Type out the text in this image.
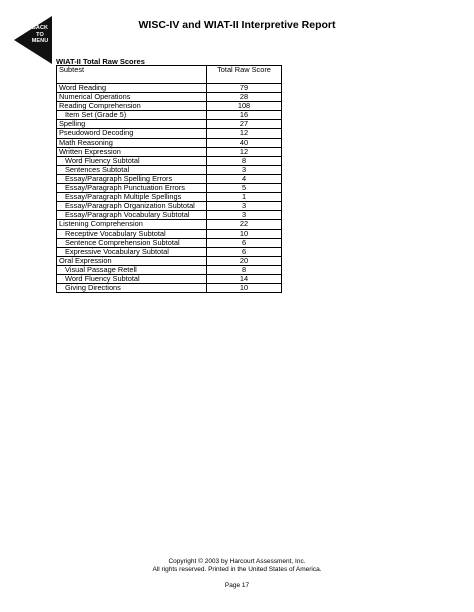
BACK
TO
MENU
WISC-IV and WIAT-II Interpretive Report
WIAT-II Total Raw Scores
Subtest	Total Raw Score
Word Reading	79
Numerical Operations	28
Reading Comprehension	108
Item Set (Grade 5)	16
Spelling	27
Pseudoword Decoding	12
Math Reasoning	40
Written Expression	12
Word Fluency Subtotal	8
Sentences Subtotal	3
Essay/Paragraph Spelling Errors	4
Essay/Paragraph Punctuation Errors	5
Essay/Paragraph Multiple Spellings	1
Essay/Paragraph Organization Subtotal	3
Essay/Paragraph Vocabulary Subtotal	3
Listening Comprehension	22
Receptive Vocabulary Subtotal	10
Sentence Comprehension Subtotal	6
Expressive Vocabulary Subtotal	6
Oral Expression	20
Visual Passage Retell	8
Word Fluency Subtotal	14
Giving Directions	10
Copyright © 2003 by Harcourt Assessment, Inc.
All rights reserved. Printed in the United States of America.
Page 17
